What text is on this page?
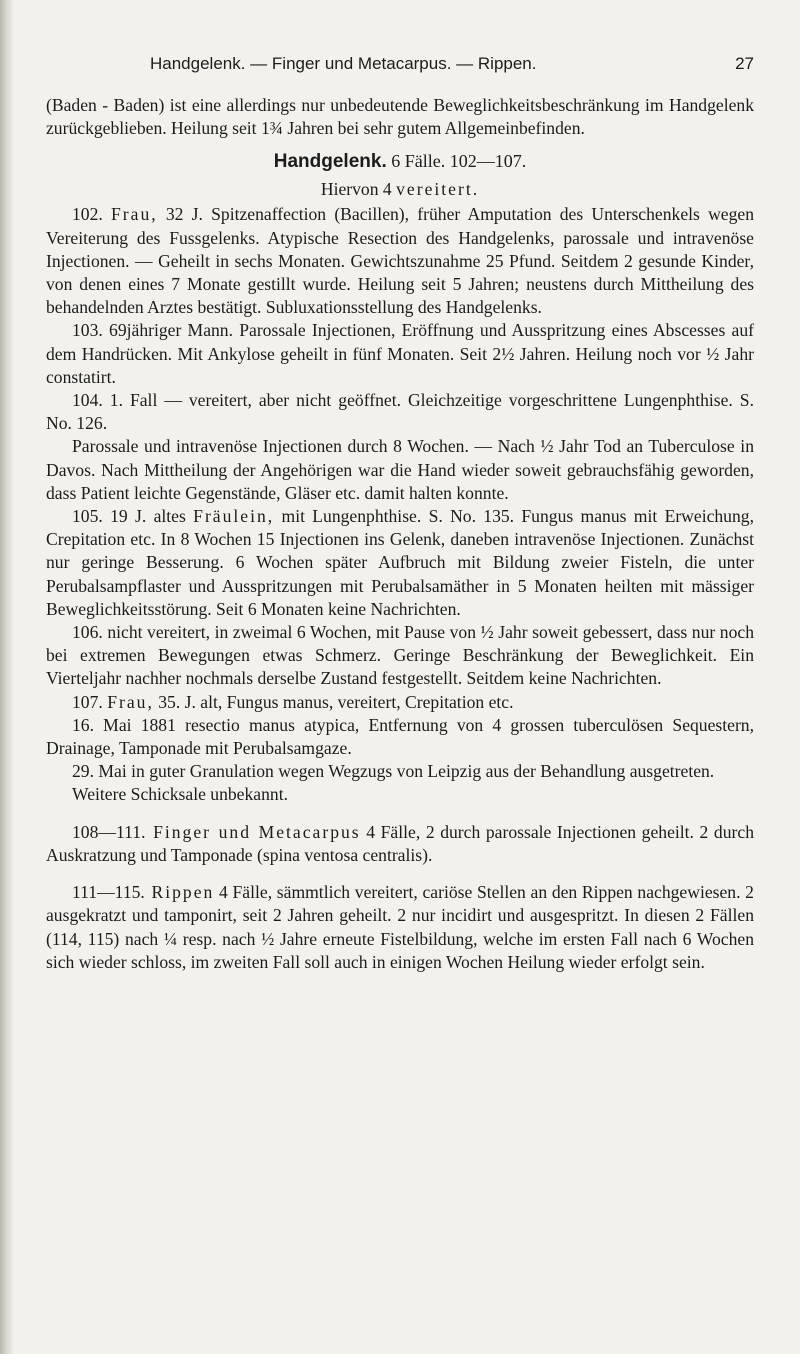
Handgelenk. — Finger und Metacarpus. — Rippen.	27

(Baden - Baden) ist eine allerdings nur unbedeutende Beweglichkeitsbeschränkung im Handgelenk zurückgeblieben. Heilung seit 1¾ Jahren bei sehr gutem Allgemeinbefinden.

Handgelenk. 6 Fälle. 102—107.
Hiervon 4 vereitert.

102. Frau, 32 J. Spitzenaffection (Bacillen), früher Amputation des Unterschenkels wegen Vereiterung des Fussgelenks. Atypische Resection des Handgelenks, parossale und intravenöse Injectionen. — Geheilt in sechs Monaten. Gewichtszunahme 25 Pfund. Seitdem 2 gesunde Kinder, von denen eines 7 Monate gestillt wurde. Heilung seit 5 Jahren; neustens durch Mittheilung des behandelnden Arztes bestätigt. Subluxationsstellung des Handgelenks.

103. 69jähriger Mann. Parossale Injectionen, Eröffnung und Ausspritzung eines Abscesses auf dem Handrücken. Mit Ankylose geheilt in fünf Monaten. Seit 2½ Jahren. Heilung noch vor ½ Jahr constatirt.

104. 1. Fall — vereitert, aber nicht geöffnet. Gleichzeitige vorgeschrittene Lungenphthise. S. No. 126.

Parossale und intravenöse Injectionen durch 8 Wochen. — Nach ½ Jahr Tod an Tuberculose in Davos. Nach Mittheilung der Angehörigen war die Hand wieder soweit gebrauchsfähig geworden, dass Patient leichte Gegenstände, Gläser etc. damit halten konnte.

105. 19 J. altes Fräulein, mit Lungenphthise. S. No. 135. Fungus manus mit Erweichung, Crepitation etc. In 8 Wochen 15 Injectionen ins Gelenk, daneben intravenöse Injectionen. Zunächst nur geringe Besserung. 6 Wochen später Aufbruch mit Bildung zweier Fisteln, die unter Perubalsampflaster und Ausspritzungen mit Perubalsamäther in 5 Monaten heilten mit mässiger Beweglichkeitsstörung. Seit 6 Monaten keine Nachrichten.

106. nicht vereitert, in zweimal 6 Wochen, mit Pause von ½ Jahr soweit gebessert, dass nur noch bei extremen Bewegungen etwas Schmerz. Geringe Beschränkung der Beweglichkeit. Ein Vierteljahr nachher nochmals derselbe Zustand festgestellt. Seitdem keine Nachrichten.

107. Frau, 35. J. alt, Fungus manus, vereitert, Crepitation etc.

16. Mai 1881 resectio manus atypica, Entfernung von 4 grossen tuberculösen Sequestern, Drainage, Tamponade mit Perubalsamgaze.

29. Mai in guter Granulation wegen Wegzugs von Leipzig aus der Behandlung ausgetreten.

Weitere Schicksale unbekannt.

108—111. Finger und Metacarpus 4 Fälle, 2 durch parossale Injectionen geheilt. 2 durch Auskratzung und Tamponade (spina ventosa centralis).

111—115. Rippen 4 Fälle, sämmtlich vereitert, cariöse Stellen an den Rippen nachgewiesen. 2 ausgekratzt und tamponirt, seit 2 Jahren geheilt. 2 nur incidirt und ausgespritzt. In diesen 2 Fällen (114, 115) nach ¼ resp. nach ½ Jahre erneute Fistelbildung, welche im ersten Fall nach 6 Wochen sich wieder schloss, im zweiten Fall soll auch in einigen Wochen Heilung wieder erfolgt sein.
